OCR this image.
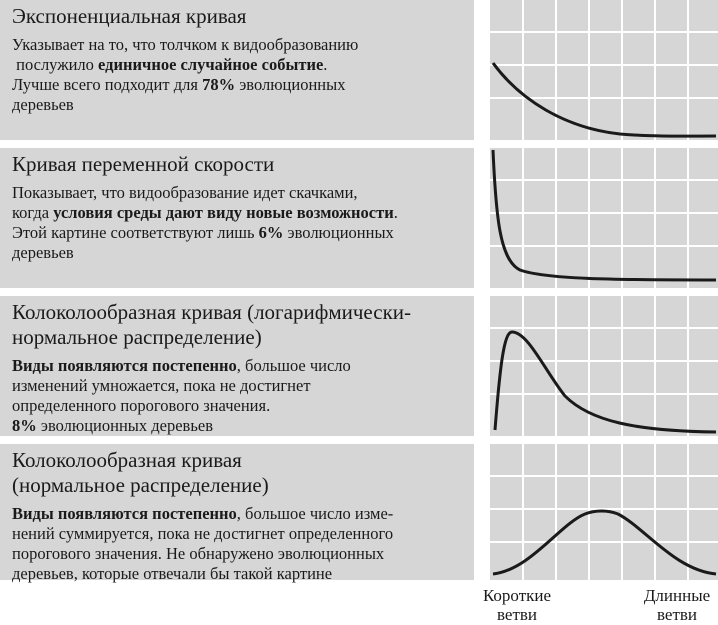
Экспоненциальная кривая
Указывает на то, что толчком к видообразованию
послужило единичное случайное событие.
Лучше всего подходит для 78% эволюционных
деревьев
Кривая переменной скорости
Показывает, что видообразование идет скачками,
когда условия среды дают виду новые возможности.
Этой картине соответствуют лишь 6% эволюционных
деревьев
Колоколообразная кривая (логарифмически-
нормальное распределение)
Виды появляются постепенно, большое число
изменений умножается, пока не достигнет
определенного порогового значения.
8% эволюционных деревьев
Колоколообразная кривая
(нормальное распределение)
Виды появляются постепенно, большое число изме-
нений суммируется, пока не достигнет определенного
порогового значения. Не обнаружено эволюционных
деревьев, которые отвечали бы такой картине
Короткие
ветви
Длинные
ветви
